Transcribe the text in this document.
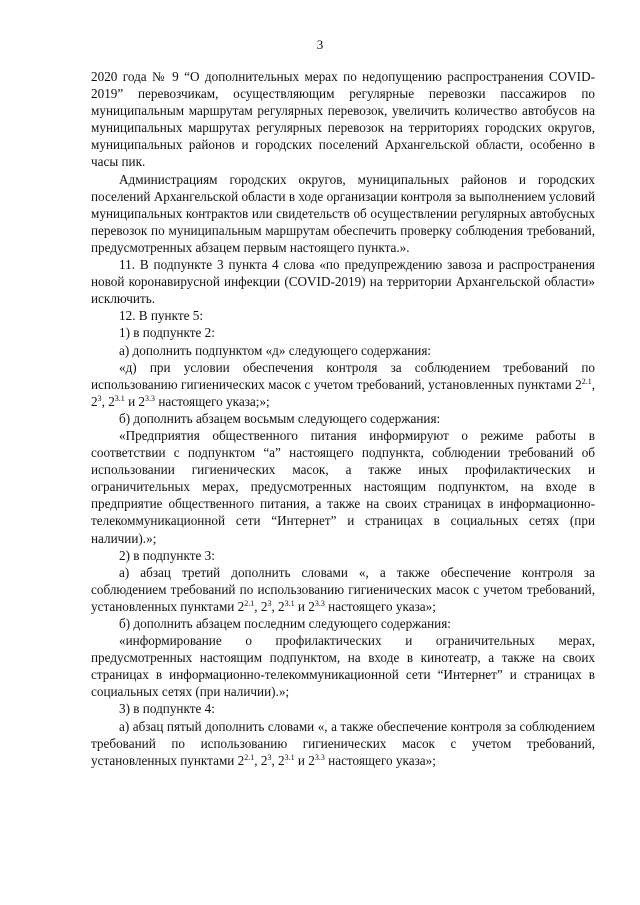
3

2020 года № 9 “О дополнительных мерах по недопущению распространения COVID-2019” перевозчикам, осуществляющим регулярные перевозки пассажиров по муниципальным маршрутам регулярных перевозок, увеличить количество автобусов на муниципальных маршрутах регулярных перевозок на территориях городских округов, муниципальных районов и городских поселений Архангельской области, особенно в часы пик.

Администрациям городских округов, муниципальных районов и городских поселений Архангельской области в ходе организации контроля за выполнением условий муниципальных контрактов или свидетельств об осуществлении регулярных автобусных перевозок по муниципальным маршрутам обеспечить проверку соблюдения требований, предусмотренных абзацем первым настоящего пункта.».

11. В подпункте 3 пункта 4 слова «по предупреждению завоза и распространения новой коронавирусной инфекции (COVID-2019) на территории Архангельской области» исключить.

12. В пункте 5:

1) в подпункте 2:

а) дополнить подпунктом «д» следующего содержания:

«д) при условии обеспечения контроля за соблюдением требований по использованию гигиенических масок с учетом требований, установленных пунктами $2^{2.1}$, $2^3$, $2^{3.1}$ и $2^{3.3}$ настоящего указа;»;

б) дополнить абзацем восьмым следующего содержания:

«Предприятия общественного питания информируют о режиме работы в соответствии с подпунктом “а” настоящего подпункта, соблюдении требований об использовании гигиенических масок, а также иных профилактических и ограничительных мерах, предусмотренных настоящим подпунктом, на входе в предприятие общественного питания, а также на своих страницах в информационно-телекоммуникационной сети “Интернет” и страницах в социальных сетях (при наличии).»;

2) в подпункте 3:

а) абзац третий дополнить словами «, а также обеспечение контроля за соблюдением требований по использованию гигиенических масок с учетом требований, установленных пунктами $2^{2.1}$, $2^3$, $2^{3.1}$ и $2^{3.3}$ настоящего указа»;

б) дополнить абзацем последним следующего содержания:

«информирование о профилактических и ограничительных мерах, предусмотренных настоящим подпунктом, на входе в кинотеатр, а также на своих страницах в информационно-телекоммуникационной сети “Интернет” и страницах в социальных сетях (при наличии).»;

3) в подпункте 4:

а) абзац пятый дополнить словами «, а также обеспечение контроля за соблюдением требований по использованию гигиенических масок с учетом требований, установленных пунктами $2^{2.1}$, $2^3$, $2^{3.1}$ и $2^{3.3}$ настоящего указа»;
